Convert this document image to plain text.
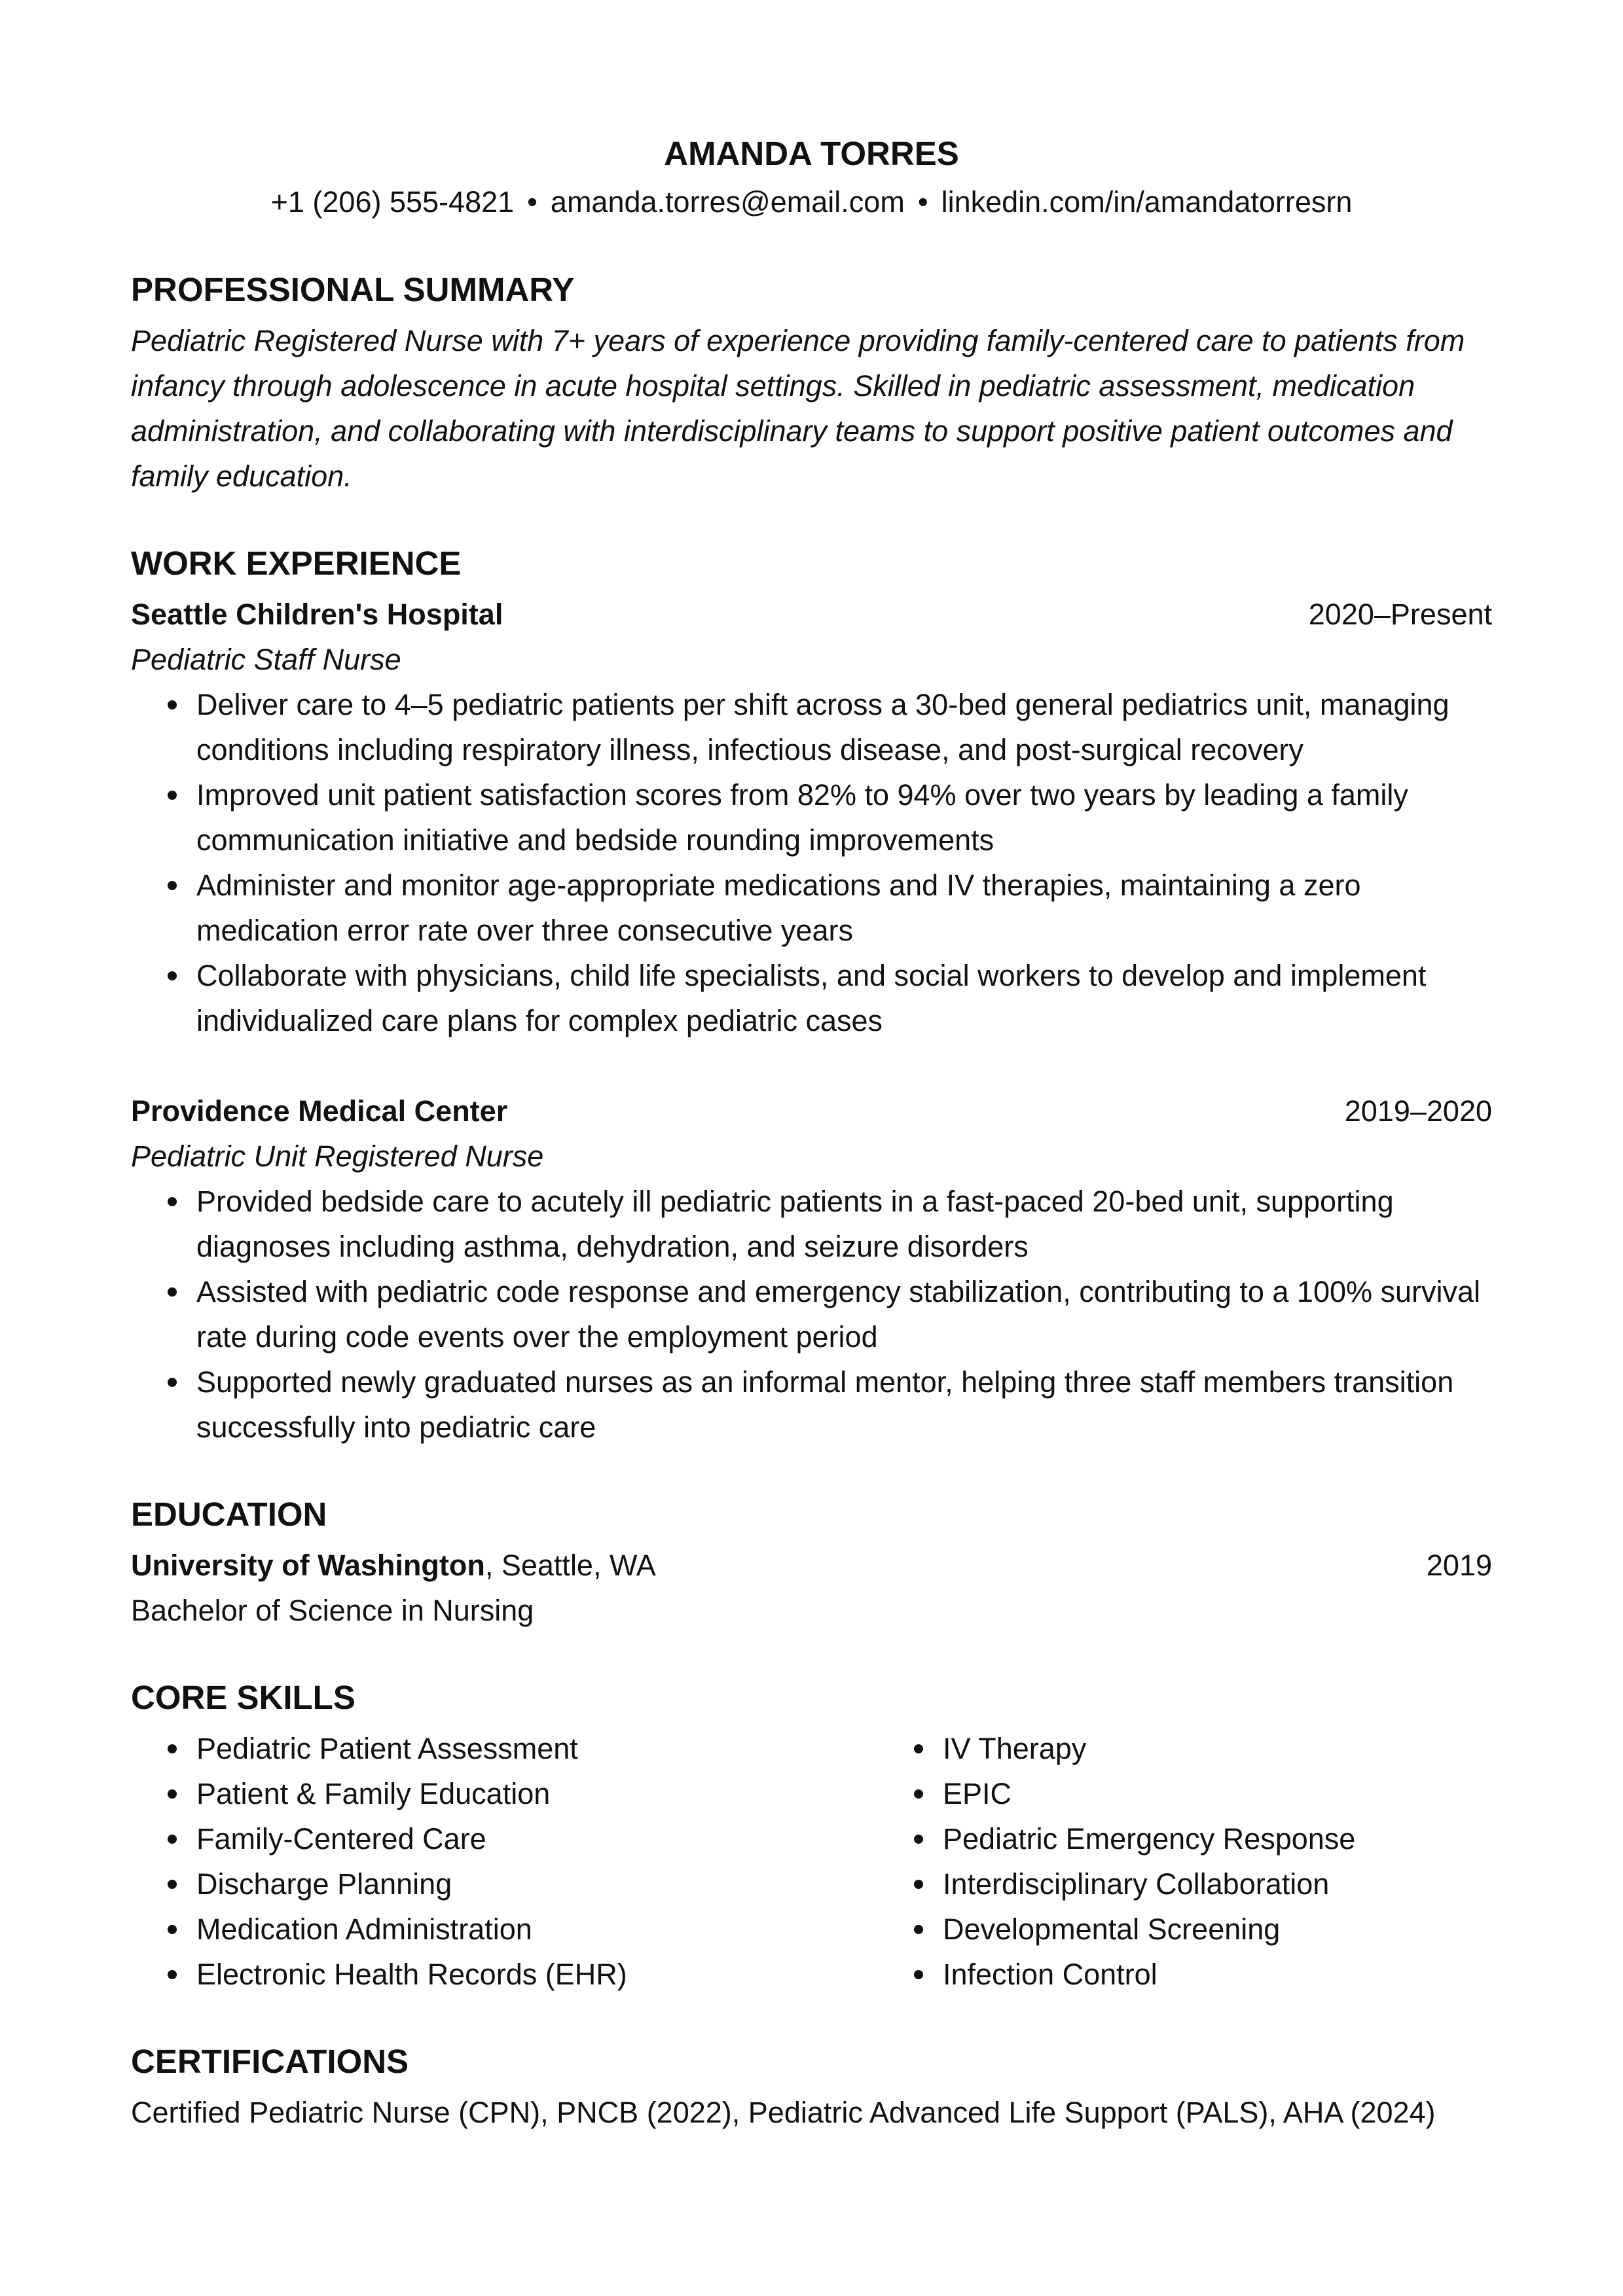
AMANDA TORRES

+1 (206) 555-4821 • amanda.torres@email.com • linkedin.com/in/amandatorresrn

PROFESSIONAL SUMMARY

Pediatric Registered Nurse with 7+ years of experience providing family-centered care to patients from infancy through adolescence in acute hospital settings. Skilled in pediatric assessment, medication administration, and collaborating with interdisciplinary teams to support positive patient outcomes and family education.

WORK EXPERIENCE
Seattle Children's Hospital	2020–Present
Pediatric Staff Nurse
Deliver care to 4–5 pediatric patients per shift across a 30-bed general pediatrics unit, managing conditions including respiratory illness, infectious disease, and post-surgical recovery
Improved unit patient satisfaction scores from 82% to 94% over two years by leading a family communication initiative and bedside rounding improvements
Administer and monitor age-appropriate medications and IV therapies, maintaining a zero medication error rate over three consecutive years
Collaborate with physicians, child life specialists, and social workers to develop and implement individualized care plans for complex pediatric cases
Providence Medical Center	2019–2020
Pediatric Unit Registered Nurse
Provided bedside care to acutely ill pediatric patients in a fast-paced 20-bed unit, supporting diagnoses including asthma, dehydration, and seizure disorders
Assisted with pediatric code response and emergency stabilization, contributing to a 100% survival rate during code events over the employment period
Supported newly graduated nurses as an informal mentor, helping three staff members transition successfully into pediatric care
EDUCATION
University of Washington, Seattle, WA	2019
Bachelor of Science in Nursing
CORE SKILLS
Pediatric Patient Assessment
Patient & Family Education
Family-Centered Care
Discharge Planning
Medication Administration
Electronic Health Records (EHR)
IV Therapy
EPIC
Pediatric Emergency Response
Interdisciplinary Collaboration
Developmental Screening
Infection Control
CERTIFICATIONS
Certified Pediatric Nurse (CPN), PNCB (2022), Pediatric Advanced Life Support (PALS), AHA (2024)
